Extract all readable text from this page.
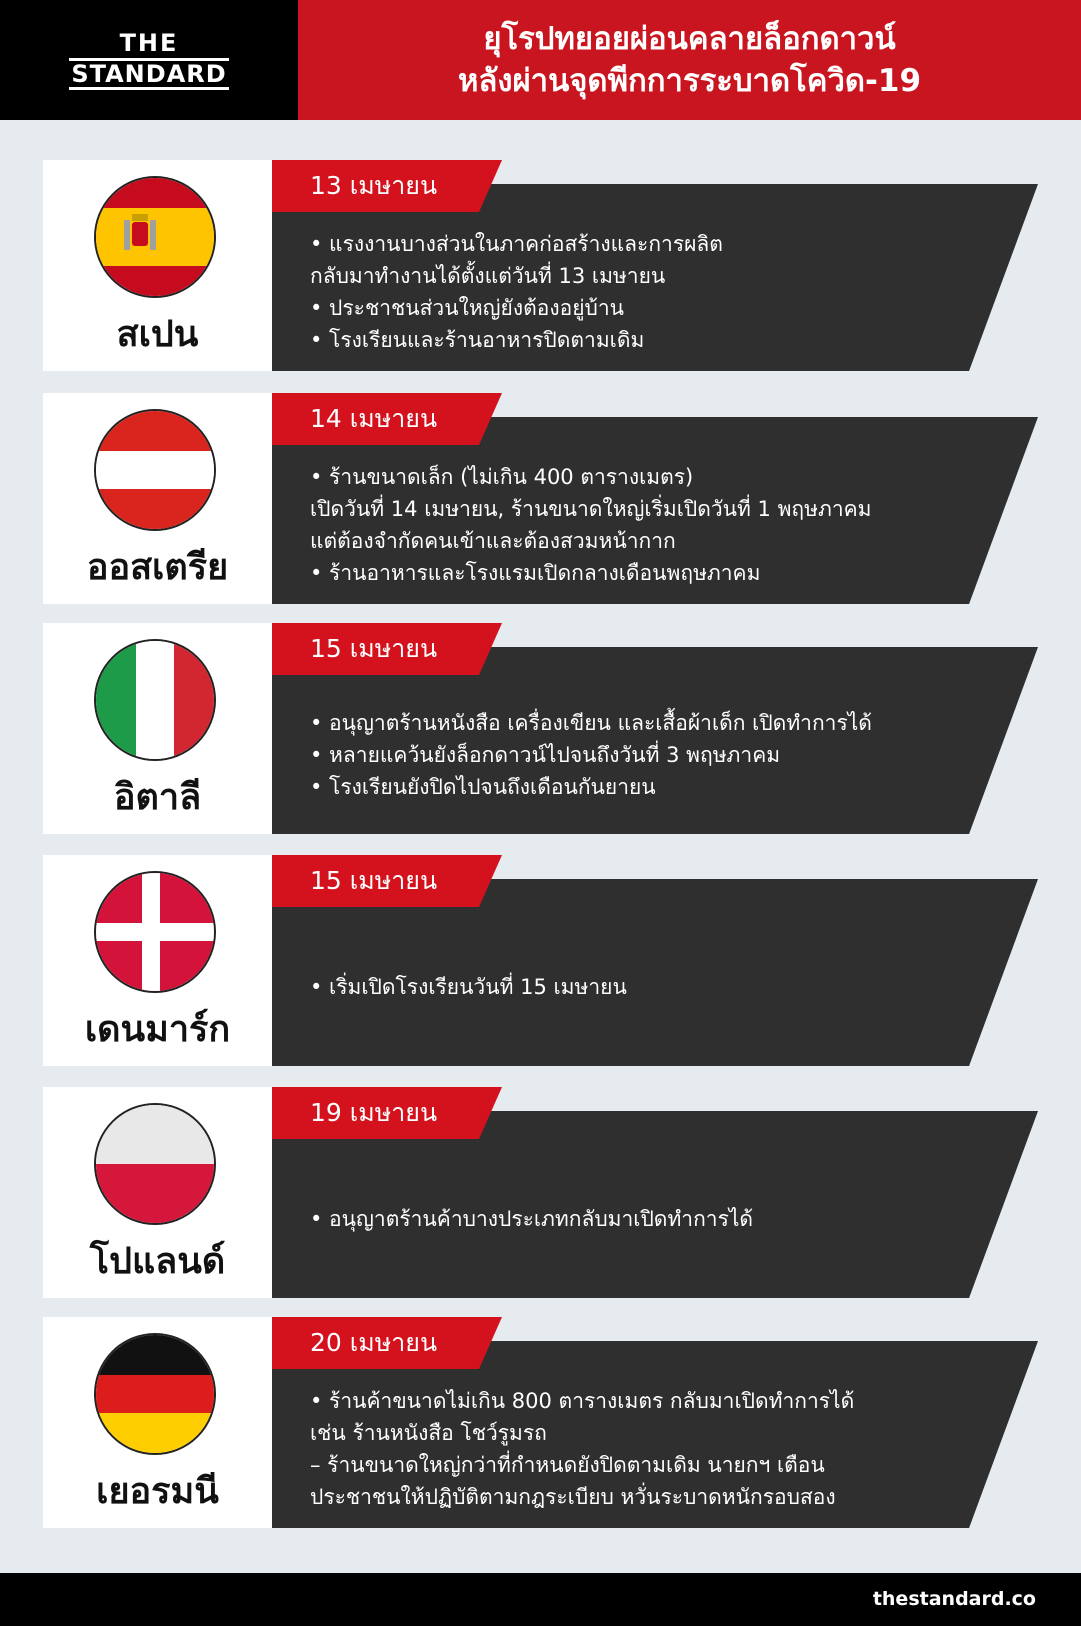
THE
STANDARD
ยุโรปทยอยผ่อนคลายล็อกดาวน์
หลังผ่านจุดพีกการระบาดโควิด-19
สเปน
13 เมษายน
• แรงงานบางส่วนในภาคก่อสร้างและการผลิต
กลับมาทำงานได้ตั้งแต่วันที่ 13 เมษายน
• ประชาชนส่วนใหญ่ยังต้องอยู่บ้าน
• โรงเรียนและร้านอาหารปิดตามเดิม
ออสเตรีย
14 เมษายน
• ร้านขนาดเล็ก (ไม่เกิน 400 ตารางเมตร)
เปิดวันที่ 14 เมษายน, ร้านขนาดใหญ่เริ่มเปิดวันที่ 1 พฤษภาคม
แต่ต้องจำกัดคนเข้าและต้องสวมหน้ากาก
• ร้านอาหารและโรงแรมเปิดกลางเดือนพฤษภาคม
อิตาลี
15 เมษายน
• อนุญาตร้านหนังสือ เครื่องเขียน และเสื้อผ้าเด็ก เปิดทำการได้
• หลายแคว้นยังล็อกดาวน์ไปจนถึงวันที่ 3 พฤษภาคม
• โรงเรียนยังปิดไปจนถึงเดือนกันยายน
เดนมาร์ก
15 เมษายน
• เริ่มเปิดโรงเรียนวันที่ 15 เมษายน
โปแลนด์
19 เมษายน
• อนุญาตร้านค้าบางประเภทกลับมาเปิดทำการได้
เยอรมนี
20 เมษายน
• ร้านค้าขนาดไม่เกิน 800 ตารางเมตร กลับมาเปิดทำการได้
เช่น ร้านหนังสือ โชว์รูมรถ
– ร้านขนาดใหญ่กว่าที่กำหนดยังปิดตามเดิม นายกฯ เตือน
ประชาชนให้ปฏิบัติตามกฎระเบียบ หวั่นระบาดหนักรอบสอง
thestandard.co
